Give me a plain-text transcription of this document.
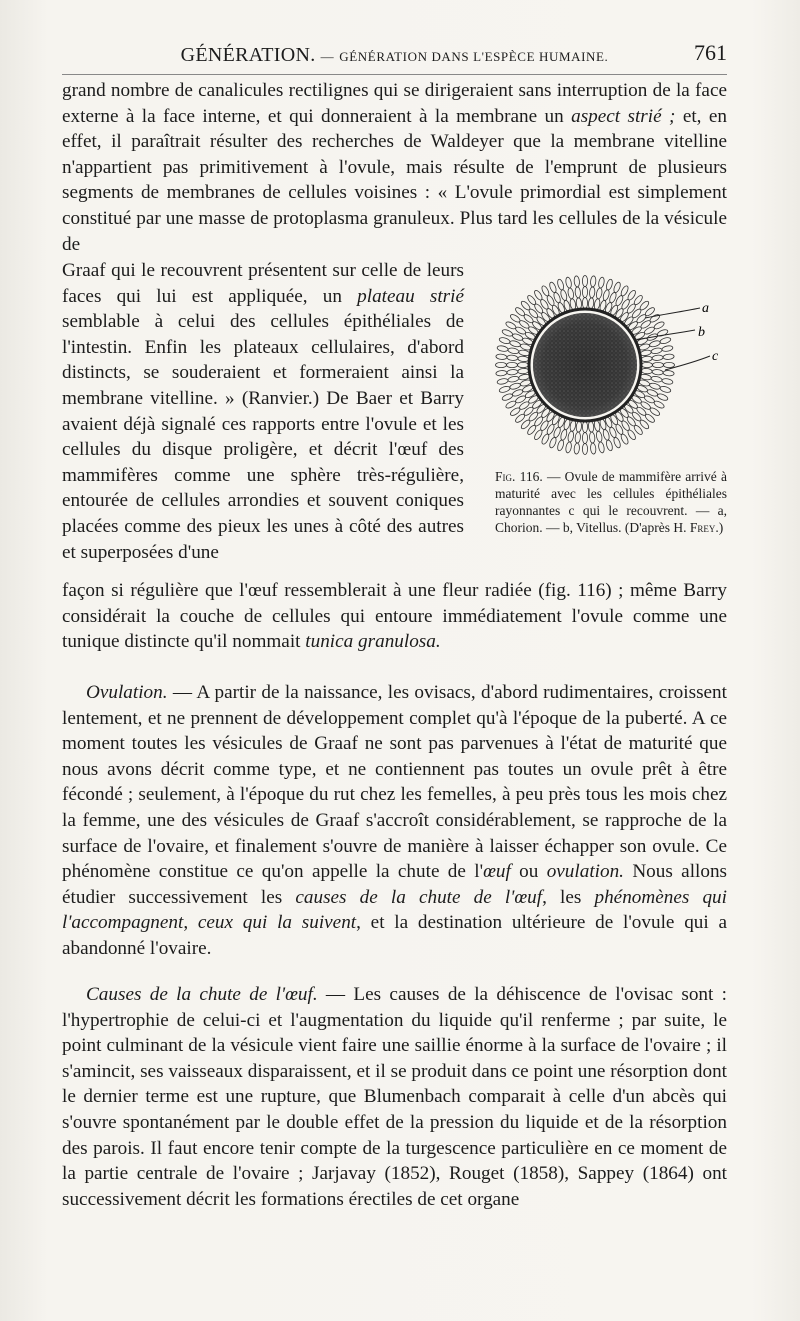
GÉNÉRATION. — GÉNÉRATION DANS L'ESPÈCE HUMAINE.	761

grand nombre de canalicules rectilignes qui se dirigeraient sans interruption de la face externe à la face interne, et qui donneraient à la membrane un aspect strié ; et, en effet, il paraîtrait résulter des recherches de Waldeyer que la membrane vitelline n'appartient pas primitivement à l'ovule, mais résulte de l'emprunt de plusieurs segments de membranes de cellules voisines : « L'ovule primordial est simplement constitué par une masse de protoplasma granuleux. Plus tard les cellules de la vésicule de

Graaf qui le recouvrent présentent sur celle de leurs faces qui lui est appliquée, un plateau strié semblable à celui des cellules épithéliales de l'intestin. Enfin les plateaux cellulaires, d'abord distincts, se souderaient et formeraient ainsi la membrane vitelline. » (Ranvier.) De Baer et Barry avaient déjà signalé ces rapports entre l'ovule et les cellules du disque proligère, et décrit l'œuf des mammifères comme une sphère très-régulière, entourée de cellules arrondies et souvent coniques placées comme des pieux les unes à côté des autres et superposées d'une

a
b
c
Fig. 116. — Ovule de mammifère arrivé à maturité avec les cellules épithéliales rayonnantes c qui le recouvrent. — a, Chorion. — b, Vitellus. (D'après H. Frey.)

façon si régulière que l'œuf ressemblerait à une fleur radiée (fig. 116) ; même Barry considérait la couche de cellules qui entoure immédiatement l'ovule comme une tunique distincte qu'il nommait tunica granulosa.

Ovulation. — A partir de la naissance, les ovisacs, d'abord rudimentaires, croissent lentement, et ne prennent de développement complet qu'à l'époque de la puberté. A ce moment toutes les vésicules de Graaf ne sont pas parvenues à l'état de maturité que nous avons décrit comme type, et ne contiennent pas toutes un ovule prêt à être fécondé ; seulement, à l'époque du rut chez les femelles, à peu près tous les mois chez la femme, une des vésicules de Graaf s'accroît considérablement, se rapproche de la surface de l'ovaire, et finalement s'ouvre de manière à laisser échapper son ovule. Ce phénomène constitue ce qu'on appelle la chute de l'œuf ou ovulation. Nous allons étudier successivement les causes de la chute de l'œuf, les phénomènes qui l'accompagnent, ceux qui la suivent, et la destination ultérieure de l'ovule qui a abandonné l'ovaire.

Causes de la chute de l'œuf. — Les causes de la déhiscence de l'ovisac sont : l'hypertrophie de celui-ci et l'augmentation du liquide qu'il renferme ; par suite, le point culminant de la vésicule vient faire une saillie énorme à la surface de l'ovaire ; il s'amincit, ses vaisseaux disparaissent, et il se produit dans ce point une résorption dont le dernier terme est une rupture, que Blumenbach comparait à celle d'un abcès qui s'ouvre spontanément par le double effet de la pression du liquide et de la résorption des parois. Il faut encore tenir compte de la turgescence particulière en ce moment de la partie centrale de l'ovaire ; Jarjavay (1852), Rouget (1858), Sappey (1864) ont successivement décrit les formations érectiles de cet organe
